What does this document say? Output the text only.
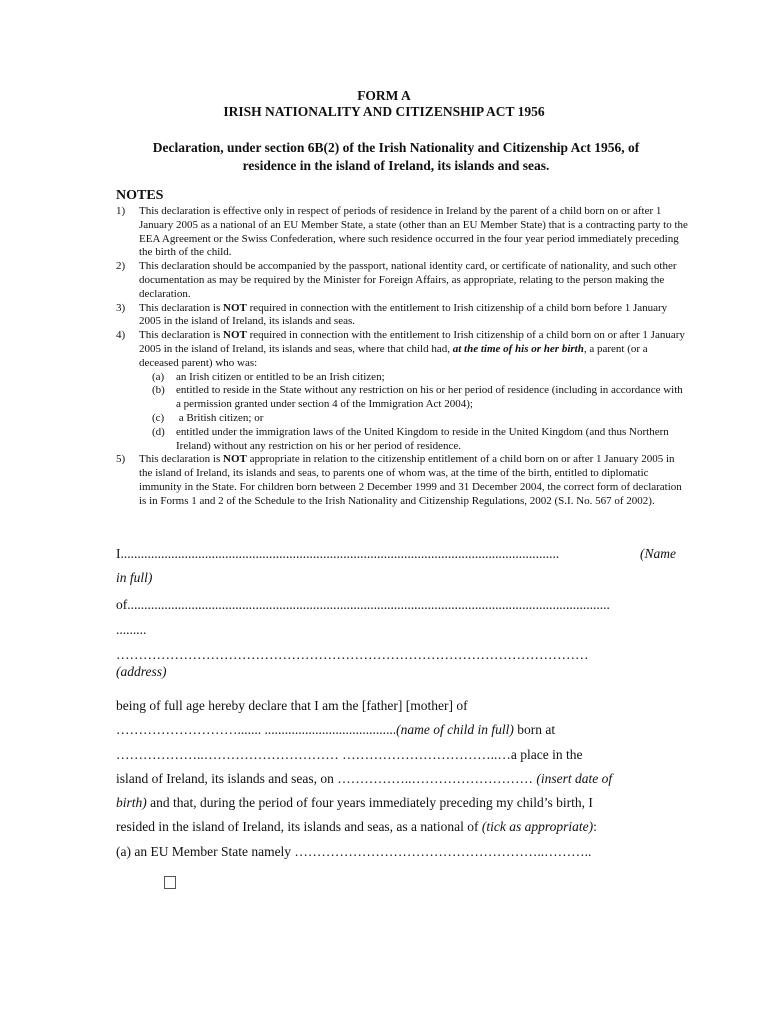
FORM A
IRISH NATIONALITY AND CITIZENSHIP ACT 1956
Declaration, under section 6B(2) of the Irish Nationality and Citizenship Act 1956, of
residence in the island of Ireland, its islands and seas.
NOTES
1) This declaration is effective only in respect of periods of residence in Ireland by the parent of a child born on or after 1 January 2005 as a national of an EU Member State, a state (other than an EU Member State) that is a contracting party to the EEA Agreement or the Swiss Confederation, where such residence occurred in the four year period immediately preceding the birth of the child.
2) This declaration should be accompanied by the passport, national identity card, or certificate of nationality, and such other documentation as may be required by the Minister for Foreign Affairs, as appropriate, relating to the person making the declaration.
3) This declaration is NOT required in connection with the entitlement to Irish citizenship of a child born before 1 January 2005 in the island of Ireland, its islands and seas.
4) This declaration is NOT required in connection with the entitlement to Irish citizenship of a child born on or after 1 January 2005 in the island of Ireland, its islands and seas, where that child had, at the time of his or her birth, a parent (or a deceased parent) who was:
(a) an Irish citizen or entitled to be an Irish citizen;
(b) entitled to reside in the State without any restriction on his or her period of residence (including in accordance with a permission granted under section 4 of the Immigration Act 2004);
(c) a British citizen; or
(d) entitled under the immigration laws of the United Kingdom to reside in the United Kingdom (and thus Northern Ireland) without any restriction on his or her period of residence.
5) This declaration is NOT appropriate in relation to the citizenship entitlement of a child born on or after 1 January 2005 in the island of Ireland, its islands and seas, to parents one of whom was, at the time of the birth, entitled to diplomatic immunity in the State. For children born between 2 December 1999 and 31 December 2004, the correct form of declaration is in Forms 1 and 2 of the Schedule to the Irish Nationality and Citizenship Regulations, 2002 (S.I. No. 567 of 2002).
I..................................................................................................................................	(Name
in full)
of...............................................................................................................................................
.........
……………………………………………………………………………………………
(address)
being of full age hereby declare that I am the [father] [mother] of
………………………....... .......................................(name of child in full) born at
………………..………………………… ……………………………..…a place in the
island of Ireland, its islands and seas, on ……………..……………………… (insert date of
birth) and that, during the period of four years immediately preceding my child’s birth, I
resided in the island of Ireland, its islands and seas, as a national of (tick as appropriate):
(a) an EU Member State namely ………………………………………………..………..
